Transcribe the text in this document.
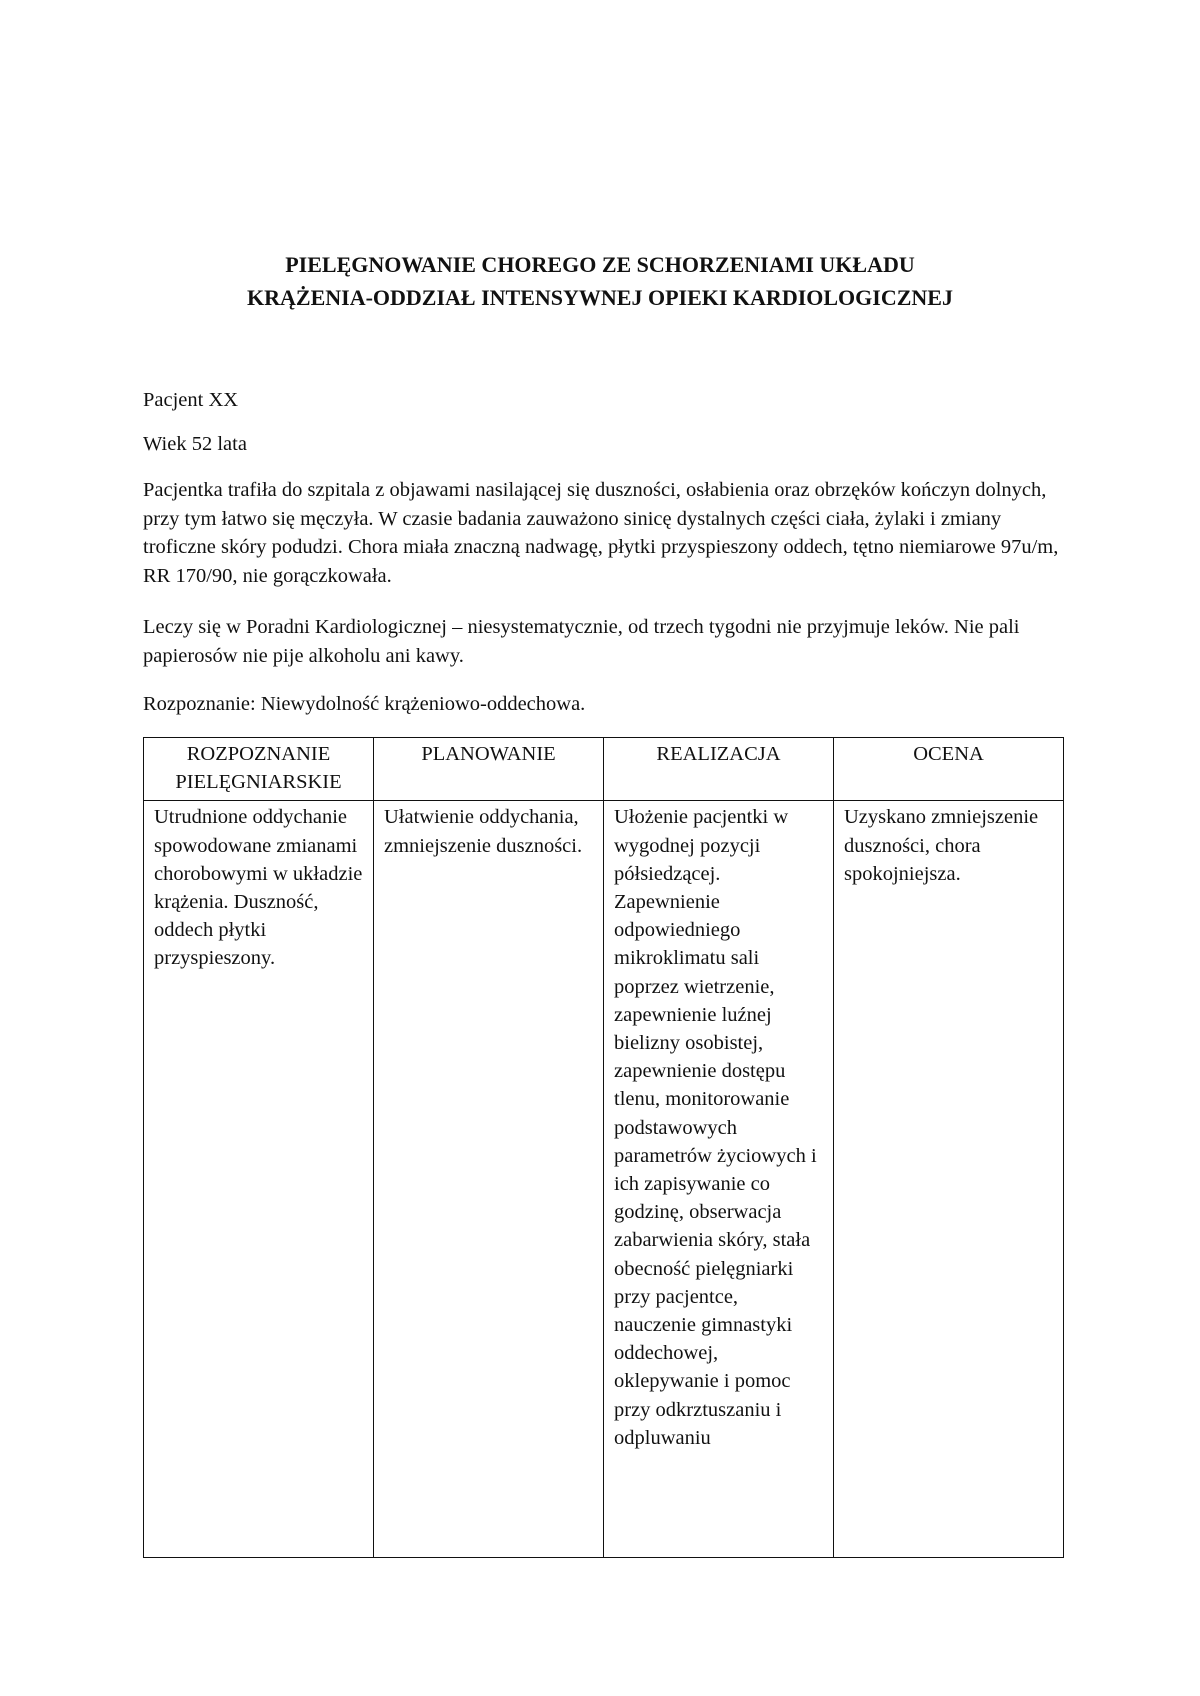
PIELĘGNOWANIE CHOREGO ZE SCHORZENIAMI UKŁADU
KRĄŻENIA-ODDZIAŁ INTENSYWNEJ OPIEKI KARDIOLOGICZNEJ

Pacjent XX

Wiek 52 lata

Pacjentka trafiła do szpitala z objawami nasilającej się duszności, osłabienia oraz obrzęków kończyn dolnych, przy tym łatwo się męczyła. W czasie badania zauważono sinicę dystalnych części ciała, żylaki i zmiany troficzne skóry podudzi. Chora miała znaczną nadwagę, płytki przyspieszony oddech, tętno niemiarowe 97u/m, RR 170/90, nie gorączkowała.

Leczy się w Poradni Kardiologicznej – niesystematycznie, od trzech tygodni nie przyjmuje leków. Nie pali papierosów nie pije alkoholu ani kawy.

Rozpoznanie: Niewydolność krążeniowo-oddechowa.

ROZPOZNANIE PIELĘGNIARSKIE	PLANOWANIE	REALIZACJA	OCENA
Utrudnione oddychanie spowodowane zmianami chorobowymi w układzie krążenia. Duszność, oddech płytki przyspieszony.	Ułatwienie oddychania, zmniejszenie duszności.	Ułożenie pacjentki w wygodnej pozycji półsiedzącej. Zapewnienie odpowiedniego mikroklimatu sali poprzez wietrzenie, zapewnienie luźnej bielizny osobistej, zapewnienie dostępu tlenu, monitorowanie podstawowych parametrów życiowych i ich zapisywanie co godzinę, obserwacja zabarwienia skóry, stała obecność pielęgniarki przy pacjentce, nauczenie gimnastyki oddechowej, oklepywanie i pomoc przy odkrztuszaniu i odpluwaniu	Uzyskano zmniejszenie duszności, chora spokojniejsza.
